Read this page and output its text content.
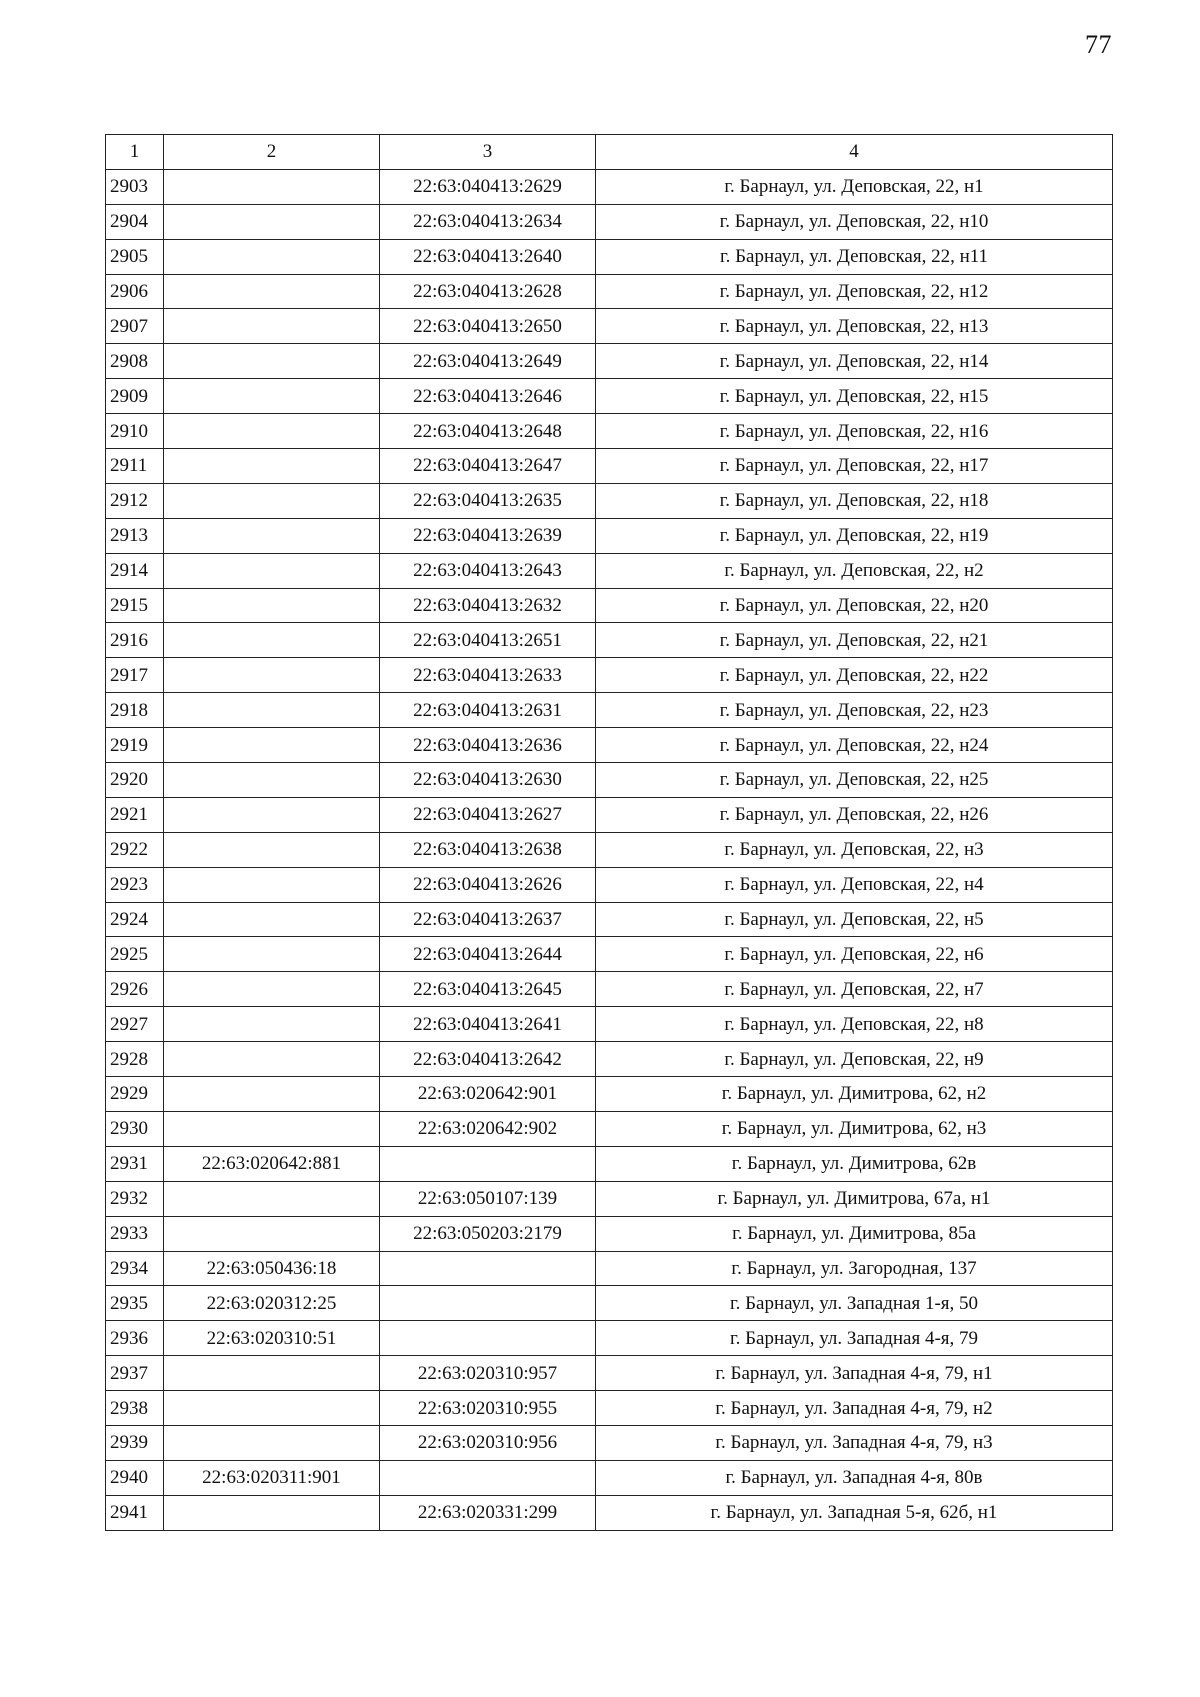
77
1	2	3	4
2903		22:63:040413:2629	г. Барнаул, ул. Деповская, 22, н1
2904		22:63:040413:2634	г. Барнаул, ул. Деповская, 22, н10
2905		22:63:040413:2640	г. Барнаул, ул. Деповская, 22, н11
2906		22:63:040413:2628	г. Барнаул, ул. Деповская, 22, н12
2907		22:63:040413:2650	г. Барнаул, ул. Деповская, 22, н13
2908		22:63:040413:2649	г. Барнаул, ул. Деповская, 22, н14
2909		22:63:040413:2646	г. Барнаул, ул. Деповская, 22, н15
2910		22:63:040413:2648	г. Барнаул, ул. Деповская, 22, н16
2911		22:63:040413:2647	г. Барнаул, ул. Деповская, 22, н17
2912		22:63:040413:2635	г. Барнаул, ул. Деповская, 22, н18
2913		22:63:040413:2639	г. Барнаул, ул. Деповская, 22, н19
2914		22:63:040413:2643	г. Барнаул, ул. Деповская, 22, н2
2915		22:63:040413:2632	г. Барнаул, ул. Деповская, 22, н20
2916		22:63:040413:2651	г. Барнаул, ул. Деповская, 22, н21
2917		22:63:040413:2633	г. Барнаул, ул. Деповская, 22, н22
2918		22:63:040413:2631	г. Барнаул, ул. Деповская, 22, н23
2919		22:63:040413:2636	г. Барнаул, ул. Деповская, 22, н24
2920		22:63:040413:2630	г. Барнаул, ул. Деповская, 22, н25
2921		22:63:040413:2627	г. Барнаул, ул. Деповская, 22, н26
2922		22:63:040413:2638	г. Барнаул, ул. Деповская, 22, н3
2923		22:63:040413:2626	г. Барнаул, ул. Деповская, 22, н4
2924		22:63:040413:2637	г. Барнаул, ул. Деповская, 22, н5
2925		22:63:040413:2644	г. Барнаул, ул. Деповская, 22, н6
2926		22:63:040413:2645	г. Барнаул, ул. Деповская, 22, н7
2927		22:63:040413:2641	г. Барнаул, ул. Деповская, 22, н8
2928		22:63:040413:2642	г. Барнаул, ул. Деповская, 22, н9
2929		22:63:020642:901	г. Барнаул, ул. Димитрова, 62, н2
2930		22:63:020642:902	г. Барнаул, ул. Димитрова, 62, н3
2931	22:63:020642:881		г. Барнаул, ул. Димитрова, 62в
2932		22:63:050107:139	г. Барнаул, ул. Димитрова, 67а, н1
2933		22:63:050203:2179	г. Барнаул, ул. Димитрова, 85а
2934	22:63:050436:18		г. Барнаул, ул. Загородная, 137
2935	22:63:020312:25		г. Барнаул, ул. Западная 1-я, 50
2936	22:63:020310:51		г. Барнаул, ул. Западная 4-я, 79
2937		22:63:020310:957	г. Барнаул, ул. Западная 4-я, 79, н1
2938		22:63:020310:955	г. Барнаул, ул. Западная 4-я, 79, н2
2939		22:63:020310:956	г. Барнаул, ул. Западная 4-я, 79, н3
2940	22:63:020311:901		г. Барнаул, ул. Западная 4-я, 80в
2941		22:63:020331:299	г. Барнаул, ул. Западная 5-я, 62б, н1
